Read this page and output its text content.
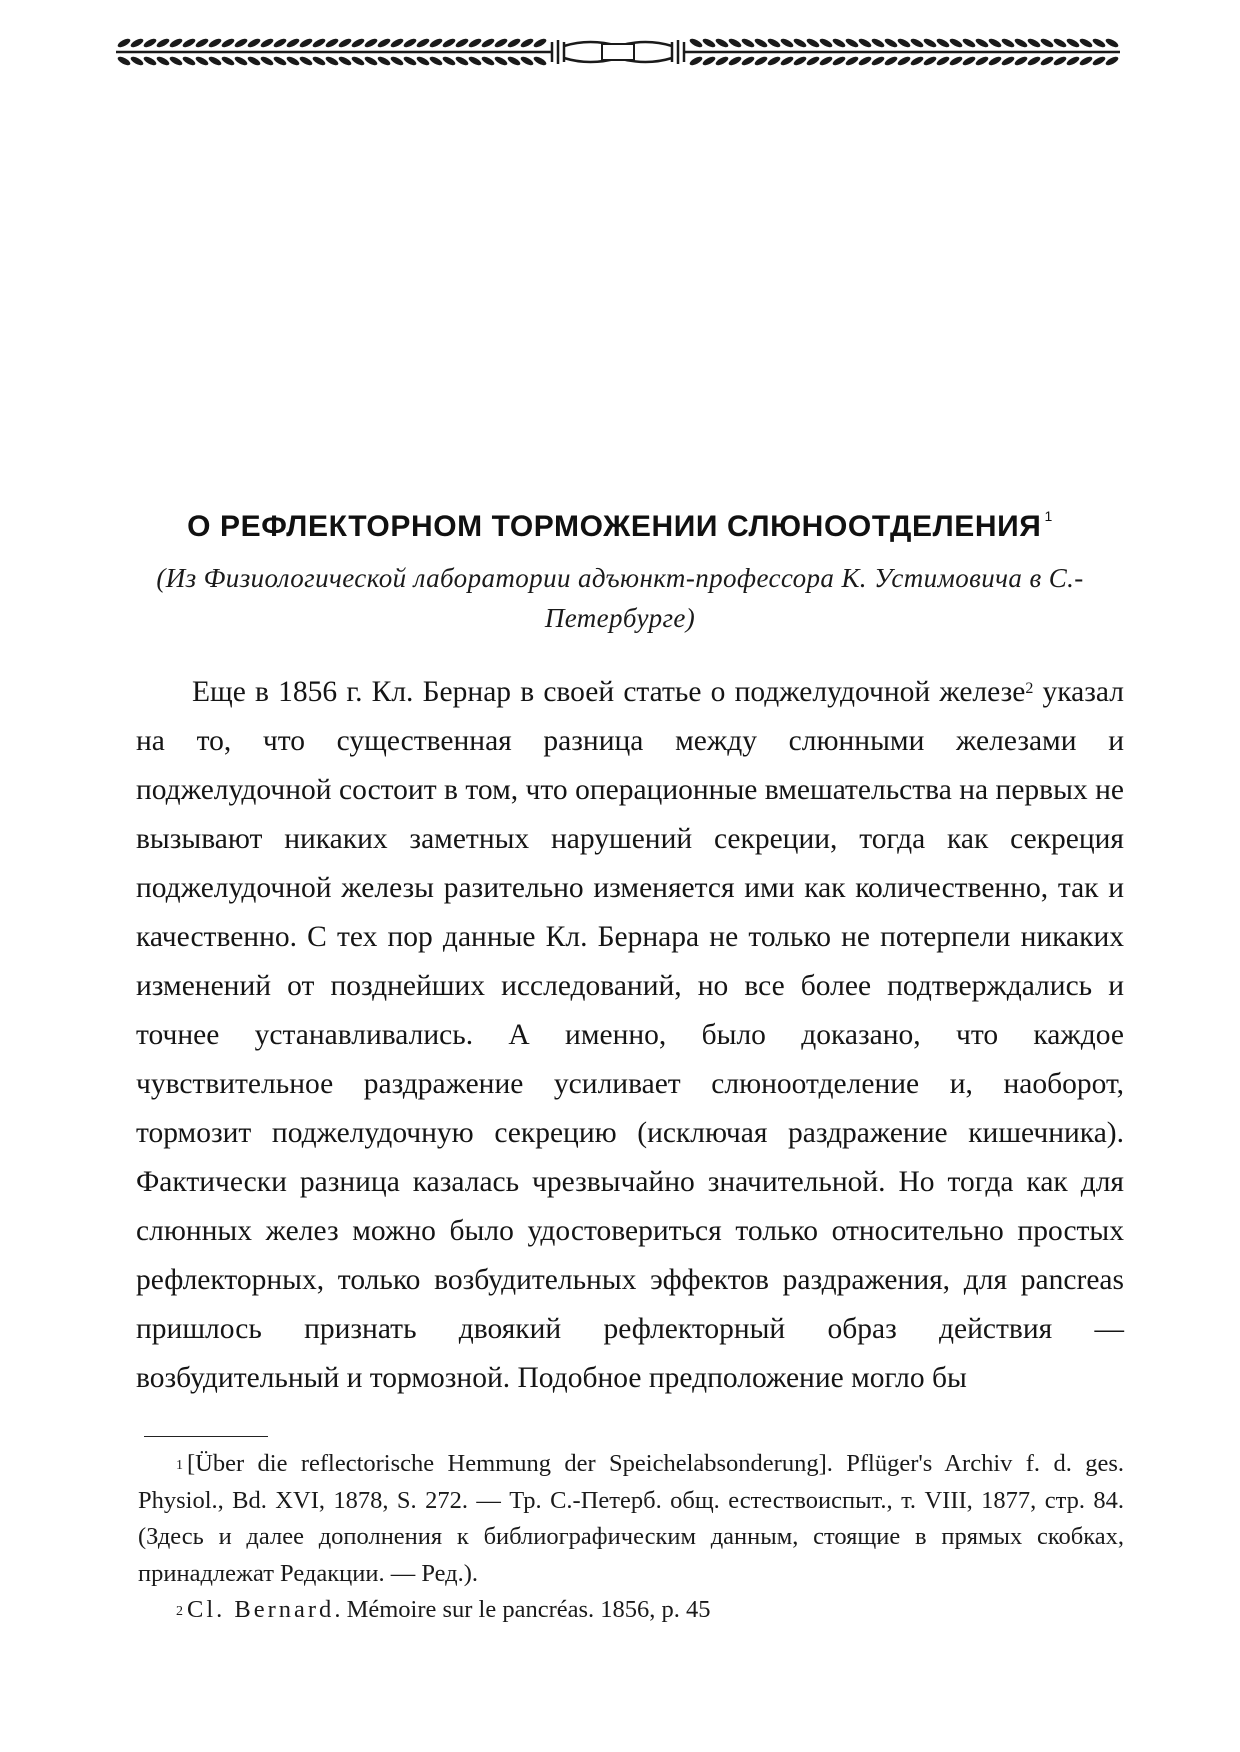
О РЕФЛЕКТОРНОМ ТОРМОЖЕНИИ СЛЮНООТДЕЛЕНИЯ $^1$
(Из Физиологической лаборатории адъюнкт-профессора К. Устимовича в С.-Петербурге)

Еще в 1856 г. Кл. Бернар в своей статье о поджелудочной железе$^2$ указал на то, что существенная разница между слюнными железами и поджелудочной состоит в том, что операционные вмешательства на первых не вызывают никаких заметных нарушений секреции, тогда как секреция поджелудочной железы разительно изменяется ими как количественно, так и качественно. С тех пор данные Кл. Бернара не только не потерпели никаких изменений от позднейших исследований, но все более подтверждались и точнее устанавливались. А именно, было доказано, что каждое чувствительное раздражение усиливает слюноотделение и, наоборот, тормозит поджелудочную секрецию (исключая раздражение кишечника). Фактически разница казалась чрезвычайно значительной. Но тогда как для слюнных желез можно было удостовериться только относительно простых рефлекторных, только возбудительных эффектов раздражения, для pancreas пришлось признать двоякий рефлекторный образ действия — возбудительный и тормозной. Подобное предположение могло бы

$^1$ [Über die reflectorische Hemmung der Speichelabsonderung]. Pflüger's Archiv f. d. ges. Physiol., Bd. XVI, 1878, S. 272. — Тр. С.-Петерб. общ. естествоиспыт., т. VIII, 1877, стр. 84. (Здесь и далее дополнения к библиографическим данным, стоящие в прямых скобках, принадлежат Редакции. — Ред.).

$^2$ Cl. Bernard. Mémoire sur le pancréas. 1856, p. 45
